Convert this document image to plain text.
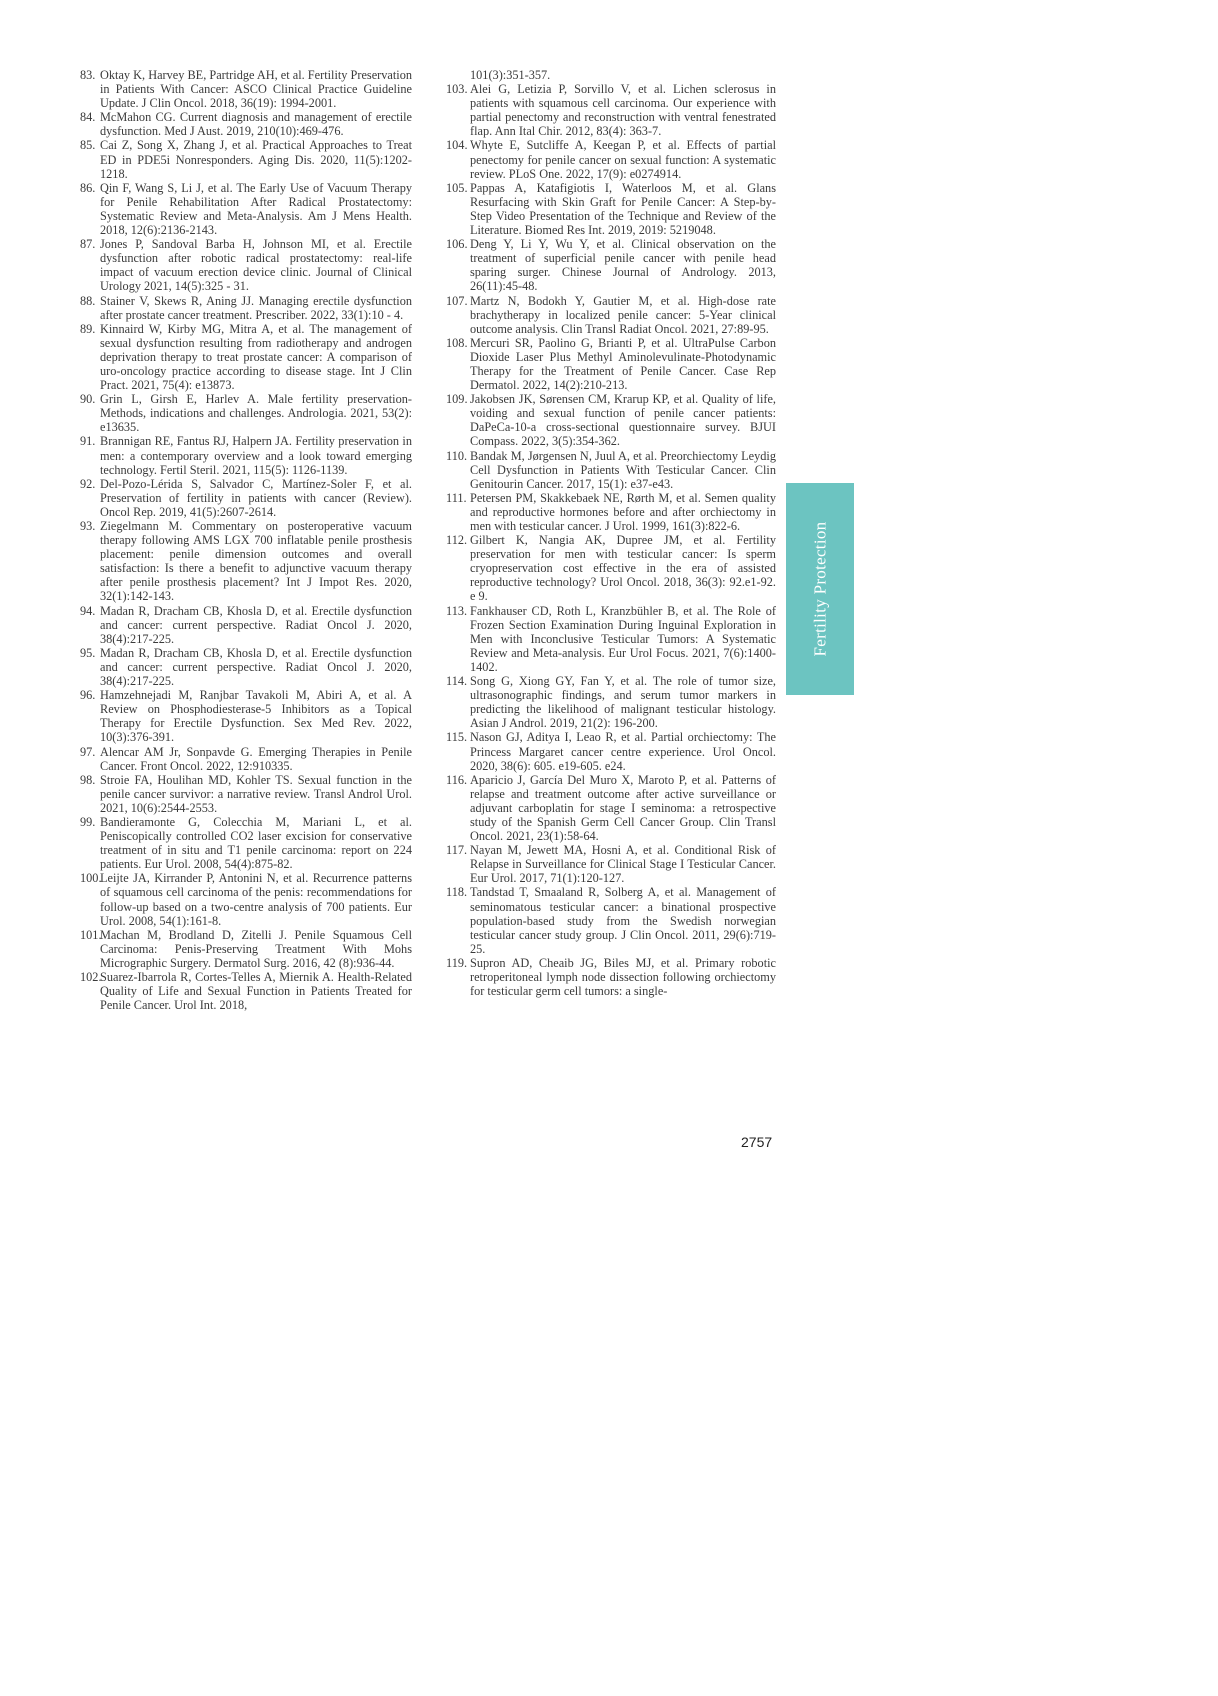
83. Oktay K, Harvey BE, Partridge AH, et al. Fertility Preservation in Patients With Cancer: ASCO Clinical Practice Guideline Update. J Clin Oncol. 2018, 36(19): 1994-2001.

84. McMahon CG. Current diagnosis and management of erectile dysfunction. Med J Aust. 2019, 210(10):469-476.

85. Cai Z, Song X, Zhang J, et al. Practical Approaches to Treat ED in PDE5i Nonresponders. Aging Dis. 2020, 11(5):1202-1218.

86. Qin F, Wang S, Li J, et al. The Early Use of Vacuum Therapy for Penile Rehabilitation After Radical Prostatectomy: Systematic Review and Meta-Analysis. Am J Mens Health. 2018, 12(6):2136-2143.

87. Jones P, Sandoval Barba H, Johnson MI, et al. Erectile dysfunction after robotic radical prostatectomy: real-life impact of vacuum erection device clinic. Journal of Clinical Urology 2021, 14(5):325 - 31.

88. Stainer V, Skews R, Aning JJ. Managing erectile dysfunction after prostate cancer treatment. Prescriber. 2022, 33(1):10 - 4.

89. Kinnaird W, Kirby MG, Mitra A, et al. The management of sexual dysfunction resulting from radiotherapy and androgen deprivation therapy to treat prostate cancer: A comparison of uro-oncology practice according to disease stage. Int J Clin Pract. 2021, 75(4): e13873.

90. Grin L, Girsh E, Harlev A. Male fertility preservation-Methods, indications and challenges. Andrologia. 2021, 53(2): e13635.

91. Brannigan RE, Fantus RJ, Halpern JA. Fertility preservation in men: a contemporary overview and a look toward emerging technology. Fertil Steril. 2021, 115(5): 1126-1139.

92. Del-Pozo-Lérida S, Salvador C, Martínez-Soler F, et al. Preservation of fertility in patients with cancer (Review). Oncol Rep. 2019, 41(5):2607-2614.

93. Ziegelmann M. Commentary on posteroperative vacuum therapy following AMS LGX 700 inflatable penile prosthesis placement: penile dimension outcomes and overall satisfaction: Is there a benefit to adjunctive vacuum therapy after penile prosthesis placement? Int J Impot Res. 2020, 32(1):142-143.

94. Madan R, Dracham CB, Khosla D, et al. Erectile dysfunction and cancer: current perspective. Radiat Oncol J. 2020, 38(4):217-225.

95. Madan R, Dracham CB, Khosla D, et al. Erectile dysfunction and cancer: current perspective. Radiat Oncol J. 2020, 38(4):217-225.

96. Hamzehnejadi M, Ranjbar Tavakoli M, Abiri A, et al. A Review on Phosphodiesterase-5 Inhibitors as a Topical Therapy for Erectile Dysfunction. Sex Med Rev. 2022, 10(3):376-391.

97. Alencar AM Jr, Sonpavde G. Emerging Therapies in Penile Cancer. Front Oncol. 2022, 12:910335.

98. Stroie FA, Houlihan MD, Kohler TS. Sexual function in the penile cancer survivor: a narrative review. Transl Androl Urol. 2021, 10(6):2544-2553.

99. Bandieramonte G, Colecchia M, Mariani L, et al. Peniscopically controlled CO2 laser excision for conservative treatment of in situ and T1 penile carcinoma: report on 224 patients. Eur Urol. 2008, 54(4):875-82.

100.
Leijte JA, Kirrander P, Antonini N, et al. Recurrence patterns of squamous cell carcinoma of the penis: recommendations for follow-up based on a two-centre analysis of 700 patients. Eur Urol. 2008, 54(1):161-8.

101.
Machan M, Brodland D, Zitelli J. Penile Squamous Cell Carcinoma: Penis-Preserving Treatment With Mohs Micrographic Surgery. Dermatol Surg. 2016, 42 (8):936-44.

102.
Suarez-Ibarrola R, Cortes-Telles A, Miernik A. Health-Related Quality of Life and Sexual Function in Patients Treated for Penile Cancer. Urol Int. 2018,

101(3):351-357.

103. Alei G, Letizia P, Sorvillo V, et al. Lichen sclerosus in patients with squamous cell carcinoma. Our experience with partial penectomy and reconstruction with ventral fenestrated flap. Ann Ital Chir. 2012, 83(4): 363-7.

104. Whyte E, Sutcliffe A, Keegan P, et al. Effects of partial penectomy for penile cancer on sexual function: A systematic review. PLoS One. 2022, 17(9): e0274914.

105. Pappas A, Katafigiotis I, Waterloos M, et al. Glans Resurfacing with Skin Graft for Penile Cancer: A Step-by-Step Video Presentation of the Technique and Review of the Literature. Biomed Res Int. 2019, 2019: 5219048.

106. Deng Y, Li Y, Wu Y, et al. Clinical observation on the treatment of superficial penile cancer with penile head sparing surger. Chinese Journal of Andrology. 2013, 26(11):45-48.

107. Martz N, Bodokh Y, Gautier M, et al. High-dose rate brachytherapy in localized penile cancer: 5-Year clinical outcome analysis. Clin Transl Radiat Oncol. 2021, 27:89-95.

108. Mercuri SR, Paolino G, Brianti P, et al. UltraPulse Carbon Dioxide Laser Plus Methyl Aminolevulinate-Photodynamic Therapy for the Treatment of Penile Cancer. Case Rep Dermatol. 2022, 14(2):210-213.

109. Jakobsen JK, Sørensen CM, Krarup KP, et al. Quality of life, voiding and sexual function of penile cancer patients: DaPeCa-10-a cross-sectional questionnaire survey. BJUI Compass. 2022, 3(5):354-362.

110. Bandak M, Jørgensen N, Juul A, et al. Preorchiectomy Leydig Cell Dysfunction in Patients With Testicular Cancer. Clin Genitourin Cancer. 2017, 15(1): e37-e43.

111. Petersen PM, Skakkebaek NE, Rørth M, et al. Semen quality and reproductive hormones before and after orchiectomy in men with testicular cancer. J Urol. 1999, 161(3):822-6.

112. Gilbert K, Nangia AK, Dupree JM, et al. Fertility preservation for men with testicular cancer: Is sperm cryopreservation cost effective in the era of assisted reproductive technology? Urol Oncol. 2018, 36(3): 92.e1-92. e 9.

113. Fankhauser CD, Roth L, Kranzbühler B, et al. The Role of Frozen Section Examination During Inguinal Exploration in Men with Inconclusive Testicular Tumors: A Systematic Review and Meta-analysis. Eur Urol Focus. 2021, 7(6):1400-1402.

114. Song G, Xiong GY, Fan Y, et al. The role of tumor size, ultrasonographic findings, and serum tumor markers in predicting the likelihood of malignant testicular histology. Asian J Androl. 2019, 21(2): 196-200.

115. Nason GJ, Aditya I, Leao R, et al. Partial orchiectomy: The Princess Margaret cancer centre experience. Urol Oncol. 2020, 38(6): 605. e19-605. e24.

116. Aparicio J, García Del Muro X, Maroto P, et al. Patterns of relapse and treatment outcome after active surveillance or adjuvant carboplatin for stage I seminoma: a retrospective study of the Spanish Germ Cell Cancer Group. Clin Transl Oncol. 2021, 23(1):58-64.

117. Nayan M, Jewett MA, Hosni A, et al. Conditional Risk of Relapse in Surveillance for Clinical Stage I Testicular Cancer. Eur Urol. 2017, 71(1):120-127.

118. Tandstad T, Smaaland R, Solberg A, et al. Management of seminomatous testicular cancer: a binational prospective population-based study from the Swedish norwegian testicular cancer study group. J Clin Oncol. 2011, 29(6):719-25.

119. Supron AD, Cheaib JG, Biles MJ, et al. Primary robotic retroperitoneal lymph node dissection following orchiectomy for testicular germ cell tumors: a single-

Fertility Protection
2757
